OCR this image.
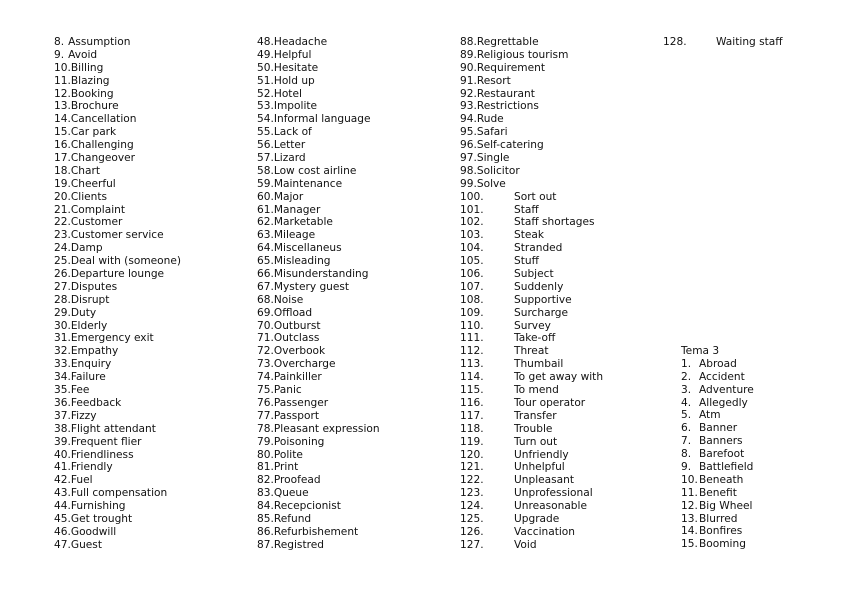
8. Assumption
9. Avoid
10.Billing
11.Blazing
12.Booking
13.Brochure
14.Cancellation
15.Car park
16.Challenging
17.Changeover
18.Chart
19.Cheerful
20.Clients
21.Complaint
22.Customer
23.Customer service
24.Damp
25.Deal with (someone)
26.Departure lounge
27.Disputes
28.Disrupt
29.Duty
30.Elderly
31.Emergency exit
32.Empathy
33.Enquiry
34.Failure
35.Fee
36.Feedback
37.Fizzy
38.Flight attendant
39.Frequent flier
40.Friendliness
41.Friendly
42.Fuel
43.Full compensation
44.Furnishing
45.Get trought
46.Goodwill
47.Guest
48.Headache
49.Helpful
50.Hesitate
51.Hold up
52.Hotel
53.Impolite
54.Informal language
55.Lack of
56.Letter
57.Lizard
58.Low cost airline
59.Maintenance
60.Major
61.Manager
62.Marketable
63.Mileage
64.Miscellaneus
65.Misleading
66.Misunderstanding
67.Mystery guest
68.Noise
69.Offload
70.Outburst
71.Outclass
72.Overbook
73.Overcharge
74.Painkiller
75.Panic
76.Passenger
77.Passport
78.Pleasant expression
79.Poisoning
80.Polite
81.Print
82.Proofead
83.Queue
84.Recepcionist
85.Refund
86.Refurbishement
87.Registred
88.Regrettable
89.Religious tourism
90.Requirement
91.Resort
92.Restaurant
93.Restrictions
94.Rude
95.Safari
96.Self-catering
97.Single
98.Solicitor
99.Solve
100.	Sort out
101.	Staff
102.	Staff shortages
103.	Steak
104.	Stranded
105.	Stuff
106.	Subject
107.	Suddenly
108.	Supportive
109.	Surcharge
110.	Survey
111.	Take-off
112.	Threat
113.	Thumbail
114.	To get away with
115.	To mend
116.	Tour operator
117.	Transfer
118.	Trouble
119.	Turn out
120.	Unfriendly
121.	Unhelpful
122.	Unpleasant
123.	Unprofessional
124.	Unreasonable
125.	Upgrade
126.	Vaccination
127.	Void
128.	Waiting staff
Tema 3
1. Abroad
2. Accident
3. Adventure
4. Allegedly
5. Atm
6. Banner
7. Banners
8. Barefoot
9. Battlefield
10.Beneath
11.Benefit
12.Big Wheel
13.Blurred
14.Bonfires
15.Booming
